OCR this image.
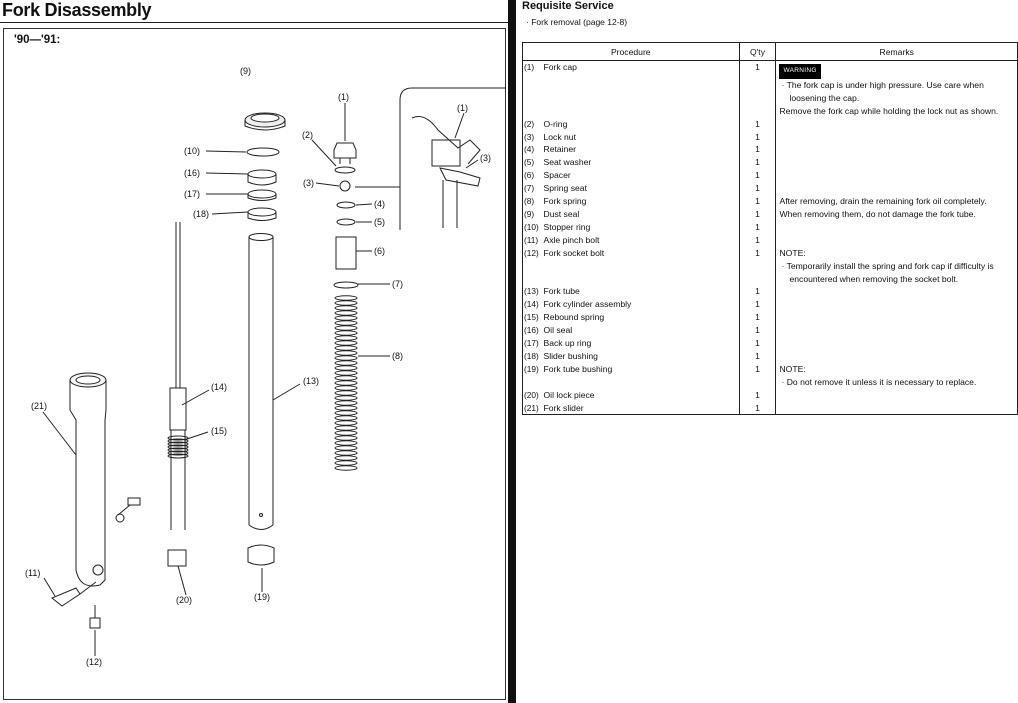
Fork Disassembly
'90—'91:
(9)
(1)
(2)
(3)
(4)
(5)
(6)
(7)
(8)
(10)
(16)
(17)
(18)
(13)
(14)
(15)
(21)
(11)
(12)
(20)	(19)
(1)
(3)
Requisite Service
· Fork removal (page 12-8)
Procedure		Q'ty	Remarks
(1)	Fork cap	1	WARNING
· The fork cap is under high pressure. Use care when loosening the cap.
Remove the fork cap while holding the lock nut as shown.

(2)	O-ring	1	
(3)	Lock nut	1	
(4)	Retainer	1	
(5)	Seat washer	1	
(6)	Spacer	1	
(7)	Spring seat	1	
(8)	Fork spring	1	After removing, drain the remaining fork oil completely.
(9)	Dust seal	1	When removing them, do not damage the fork tube.
(10)	Stopper ring	1	
(11)	Axle pinch bolt	1	
(12)	Fork socket bolt	1	NOTE:
· Temporarily install the spring and fork cap if difficulty is encountered when removing the socket bolt.

(13)	Fork tube	1	
(14)	Fork cylinder assembly	1	
(15)	Rebound spring	1	
(16)	Oil seal	1	
(17)	Back up ring	1	
(18)	Slider bushing	1	
(19)	Fork tube bushing	1	NOTE:
· Do not remove it unless it is necessary to replace.

(20)	Oil lock piece	1	
(21)	Fork slider	1	
